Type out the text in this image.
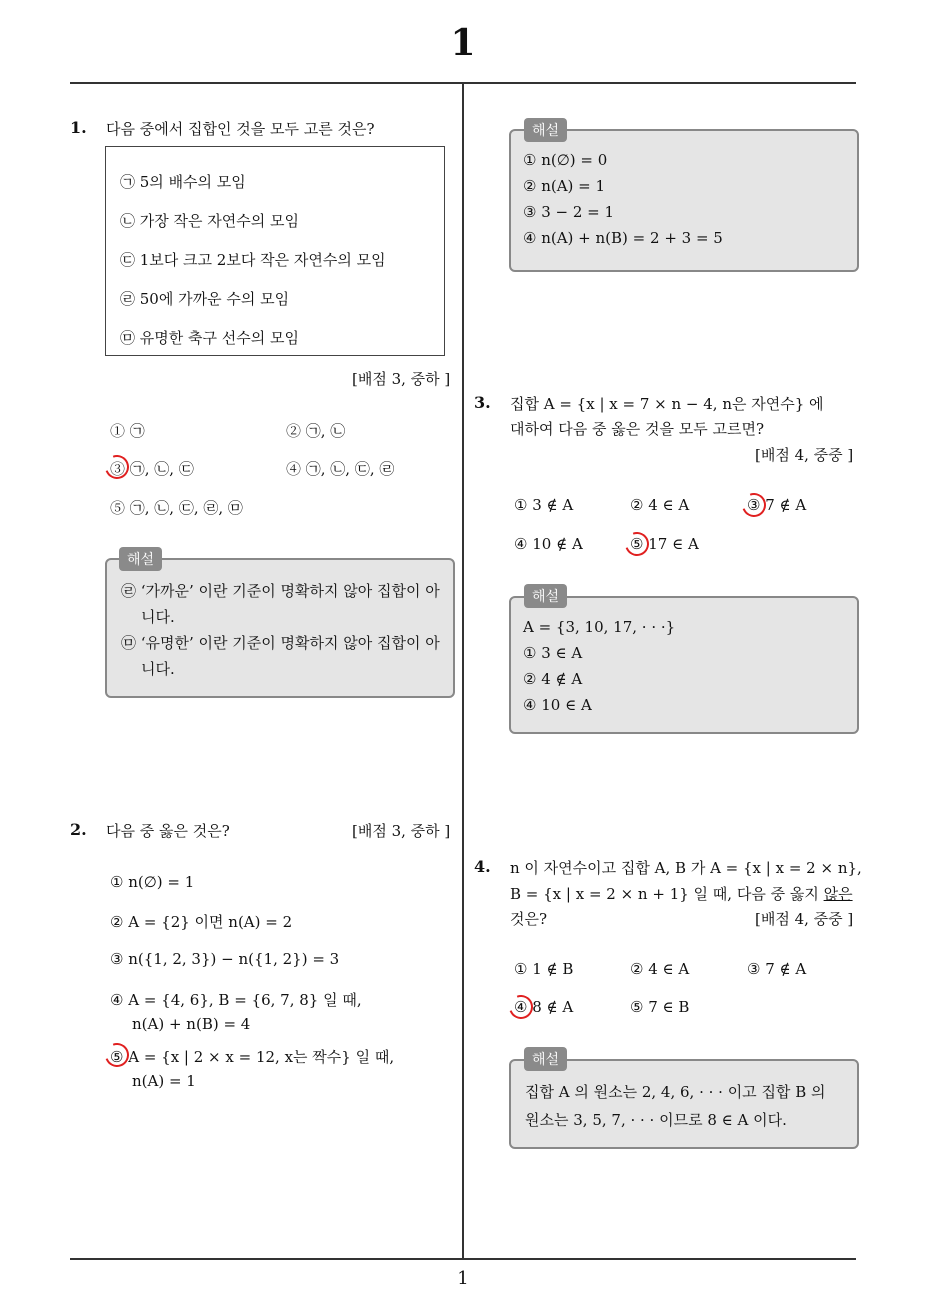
1
1. 다음 중에서 집합인 것을 모두 고른 것은?
㉠ 5의 배수의 모임
㉡ 가장 작은 자연수의 모임
㉢ 1보다 크고 2보다 작은 자연수의 모임
㉣ 50에 가까운 수의 모임
㉤ 유명한 축구 선수의 모임
[배점 3, 중하 ]
① ㉠	② ㉠, ㉡
③ ㉠, ㉡, ㉢	④ ㉠, ㉡, ㉢, ㉣
⑤ ㉠, ㉡, ㉢, ㉣, ㉤
㉣ ‘가까운’ 이란 기준이 명확하지 않아 집합이 아
니다.
㉤ ‘유명한’ 이란 기준이 명확하지 않아 집합이 아
니다.
해설
2. 다음 중 옳은 것은?	[배점 3, 중하 ]
① n(∅) = 1
② A = {2} 이면 n(A) = 2
③ n({1, 2, 3}) − n({1, 2}) = 3
④ A = {4, 6}, B = {6, 7, 8} 일 때,
n(A) + n(B) = 4
⑤ A = {x | 2 × x = 12, x는 짝수} 일 때,
n(A) = 1
① n(∅) = 0
② n(A) = 1
③ 3 − 2 = 1
④ n(A) + n(B) = 2 + 3 = 5
해설
3. 집합 A = {x | x = 7 × n − 4, n은 자연수} 에
대하여 다음 중 옳은 것을 모두 고르면?
[배점 4, 중중 ]
① 3 ∉ A	② 4 ∈ A	③ 7 ∉ A
④ 10 ∉ A	⑤ 17 ∈ A
A = {3, 10, 17, · · ·}
① 3 ∈ A
② 4 ∉ A
④ 10 ∈ A
해설
4. n 이 자연수이고 집합 A, B 가 A = {x | x = 2 × n},
B = {x | x = 2 × n + 1} 일 때, 다음 중 옳지 않은
것은?	[배점 4, 중중 ]
① 1 ∉ B	② 4 ∈ A	③ 7 ∉ A
④ 8 ∉ A	⑤ 7 ∈ B
집합 A 의 원소는 2, 4, 6, · · · 이고 집합 B 의
원소는 3, 5, 7, · · · 이므로 8 ∈ A 이다.
해설
1
